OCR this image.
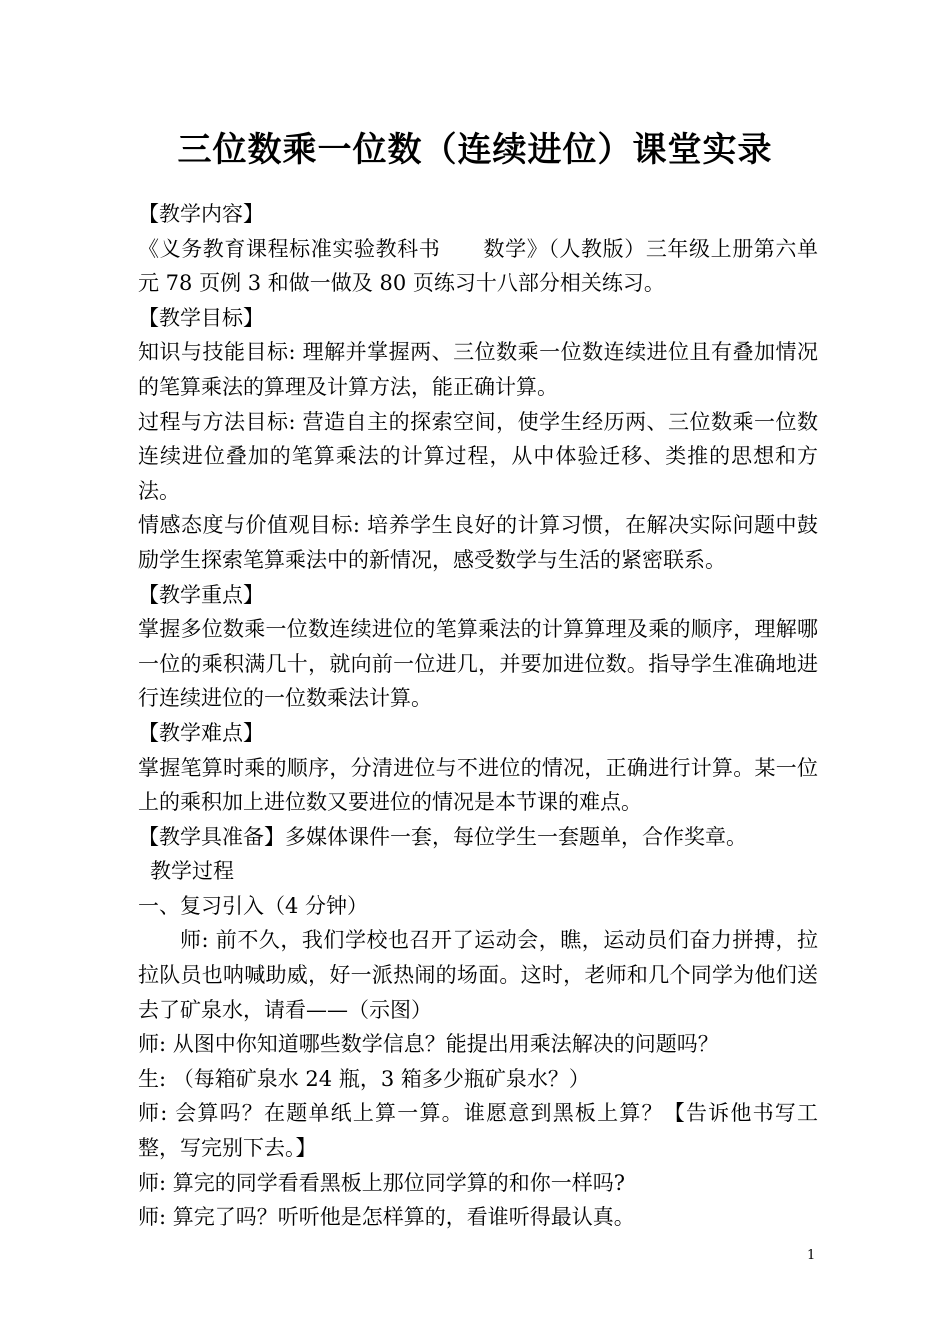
三位数乘一位数（连续进位）课堂实录

【教学内容】

《义务教育课程标准实验教科书　　数学》（人教版）三年级上册第六单元 78 页例 3 和做一做及 80 页练习十八部分相关练习。

【教学目标】

知识与技能目标: 理解并掌握两、三位数乘一位数连续进位且有叠加情况的笔算乘法的算理及计算方法，能正确计算。

过程与方法目标: 营造自主的探索空间，使学生经历两、三位数乘一位数连续进位叠加的笔算乘法的计算过程，从中体验迁移、类推的思想和方法。

情感态度与价值观目标: 培养学生良好的计算习惯，在解决实际问题中鼓励学生探索笔算乘法中的新情况，感受数学与生活的紧密联系。

【教学重点】

掌握多位数乘一位数连续进位的笔算乘法的计算算理及乘的顺序，理解哪一位的乘积满几十，就向前一位进几，并要加进位数。指导学生准确地进行连续进位的一位数乘法计算。

【教学难点】

掌握笔算时乘的顺序，分清进位与不进位的情况，正确进行计算。某一位上的乘积加上进位数又要进位的情况是本节课的难点。

【教学具准备】多媒体课件一套，每位学生一套题单，合作奖章。

教学过程

一、复习引入（4 分钟）

师: 前不久，我们学校也召开了运动会，瞧，运动员们奋力拼搏，拉拉队员也呐喊助威，好一派热闹的场面。这时，老师和几个同学为他们送去了矿泉水，请看——（示图）

师: 从图中你知道哪些数学信息？能提出用乘法解决的问题吗？

生: （每箱矿泉水 24 瓶，3 箱多少瓶矿泉水？）

师: 会算吗？在题单纸上算一算。谁愿意到黑板上算？【告诉他书写工整，写完别下去。】

师: 算完的同学看看黑板上那位同学算的和你一样吗?

师: 算完了吗？听听他是怎样算的，看谁听得最认真。

1
